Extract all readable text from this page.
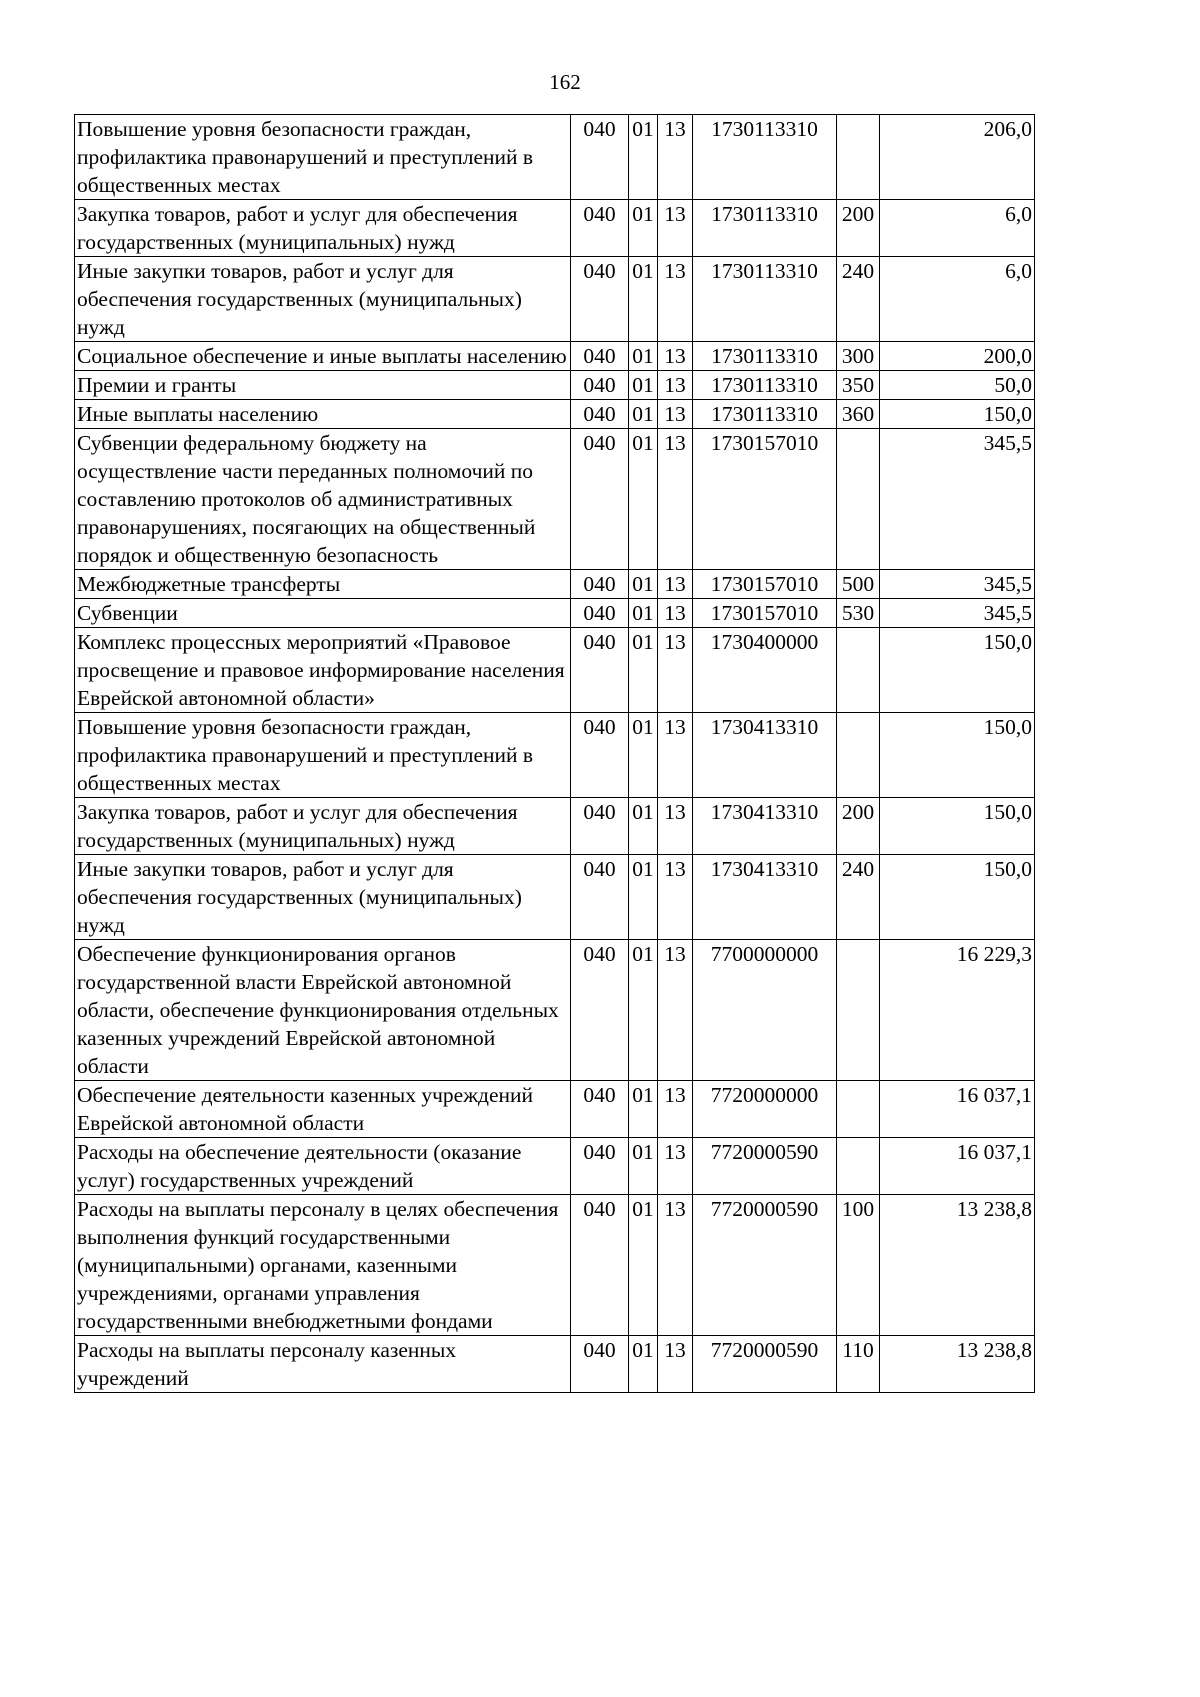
162
Повышение уровня безопасности граждан, профилактика правонарушений и преступлений в общественных местах	040	01	13	1730113310		206,0
Закупка товаров, работ и услуг для обеспечения государственных (муниципальных) нужд	040	01	13	1730113310	200	6,0
Иные закупки товаров, работ и услуг для обеспечения государственных (муниципальных) нужд	040	01	13	1730113310	240	6,0
Социальное обеспечение и иные выплаты населению	040	01	13	1730113310	300	200,0
Премии и гранты	040	01	13	1730113310	350	50,0
Иные выплаты населению	040	01	13	1730113310	360	150,0
Субвенции федеральному бюджету на осуществление части переданных полномочий по составлению протоколов об административных правонарушениях, посягающих на общественный порядок и общественную безопасность	040	01	13	1730157010		345,5
Межбюджетные трансферты	040	01	13	1730157010	500	345,5
Субвенции	040	01	13	1730157010	530	345,5
Комплекс процессных мероприятий «Правовое просвещение и правовое информирование населения Еврейской автономной области»	040	01	13	1730400000		150,0
Повышение уровня безопасности граждан, профилактика правонарушений и преступлений в общественных местах	040	01	13	1730413310		150,0
Закупка товаров, работ и услуг для обеспечения государственных (муниципальных) нужд	040	01	13	1730413310	200	150,0
Иные закупки товаров, работ и услуг для обеспечения государственных (муниципальных) нужд	040	01	13	1730413310	240	150,0
Обеспечение функционирования органов государственной власти Еврейской автономной области, обеспечение функционирования отдельных казенных учреждений Еврейской автономной области	040	01	13	7700000000		16 229,3
Обеспечение деятельности казенных учреждений Еврейской автономной области	040	01	13	7720000000		16 037,1
Расходы на обеспечение деятельности (оказание услуг) государственных учреждений	040	01	13	7720000590		16 037,1
Расходы на выплаты персоналу в целях обеспечения выполнения функций государственными (муниципальными) органами, казенными учреждениями, органами управления государственными внебюджетными фондами	040	01	13	7720000590	100	13 238,8
Расходы на выплаты персоналу казенных учреждений	040	01	13	7720000590	110	13 238,8
